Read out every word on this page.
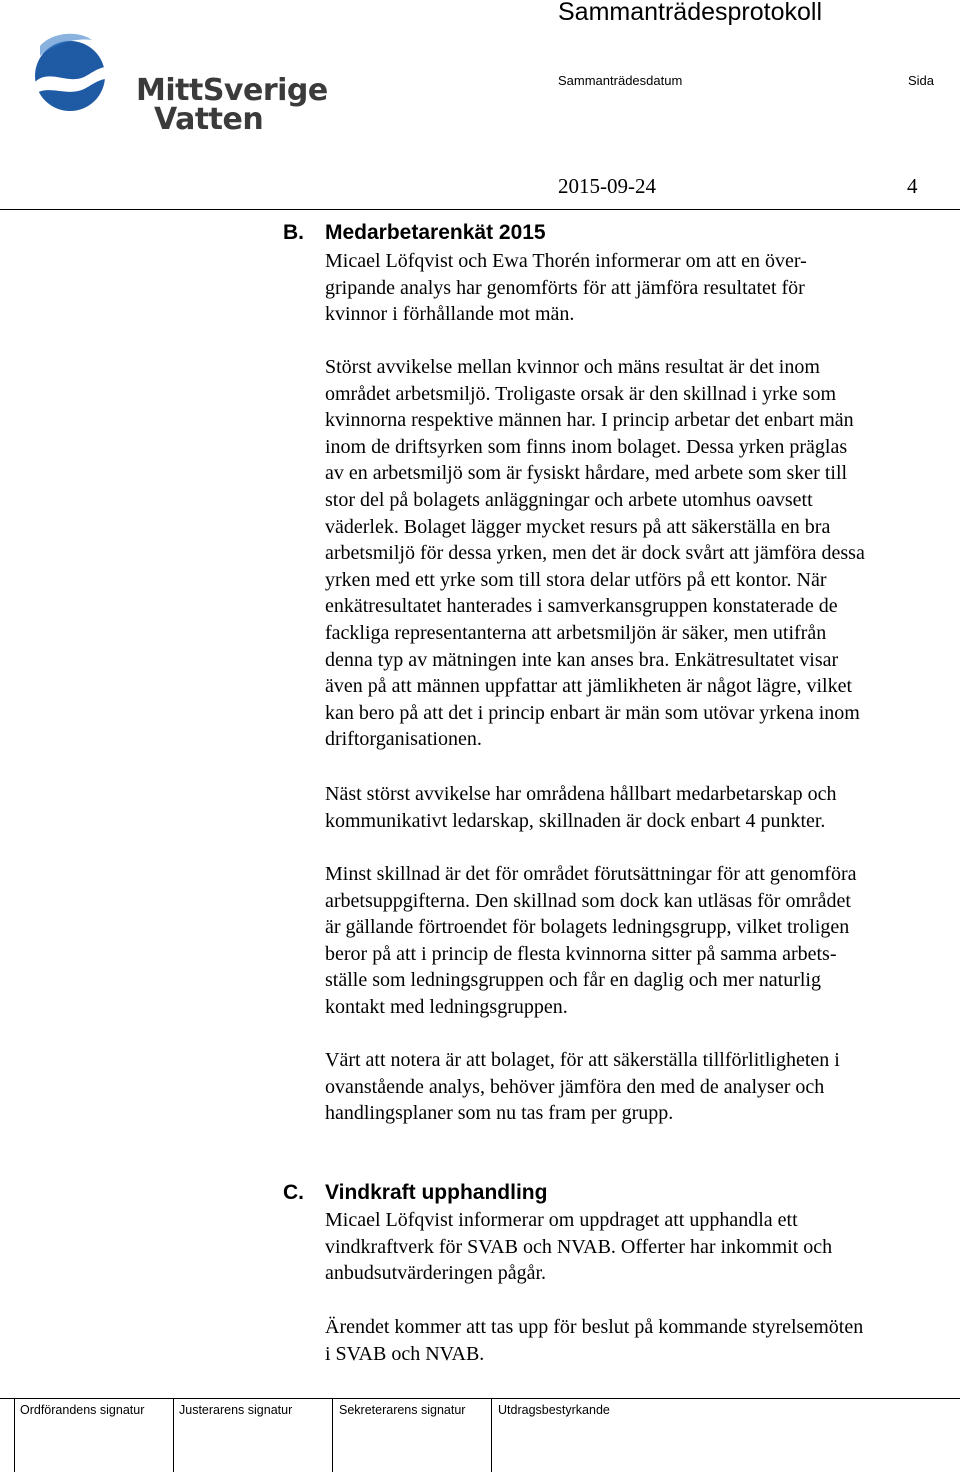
MittSverige
Vatten
Sammanträdesprotokoll
Sammanträdesdatum	Sida
2015-09-24	4
B. Medarbetarenkät 2015

Micael Löfqvist och Ewa Thorén informerar om att en över-
gripande analys har genomförts för att jämföra resultatet för
kvinnor i förhållande mot män.

Störst avvikelse mellan kvinnor och mäns resultat är det inom
området arbetsmiljö. Troligaste orsak är den skillnad i yrke som
kvinnorna respektive männen har. I princip arbetar det enbart män
inom de driftsyrken som finns inom bolaget. Dessa yrken präglas
av en arbetsmiljö som är fysiskt hårdare, med arbete som sker till
stor del på bolagets anläggningar och arbete utomhus oavsett
väderlek. Bolaget lägger mycket resurs på att säkerställa en bra
arbetsmiljö för dessa yrken, men det är dock svårt att jämföra dessa
yrken med ett yrke som till stora delar utförs på ett kontor. När
enkätresultatet hanterades i samverkansgruppen konstaterade de
fackliga representanterna att arbetsmiljön är säker, men utifrån
denna typ av mätningen inte kan anses bra. Enkätresultatet visar
även på att männen uppfattar att jämlikheten är något lägre, vilket
kan bero på att det i princip enbart är män som utövar yrkena inom
driftorganisationen.

Näst störst avvikelse har områdena hållbart medarbetarskap och
kommunikativt ledarskap, skillnaden är dock enbart 4 punkter.

Minst skillnad är det för området förutsättningar för att genomföra
arbetsuppgifterna. Den skillnad som dock kan utläsas för området
är gällande förtroendet för bolagets ledningsgrupp, vilket troligen
beror på att i princip de flesta kvinnorna sitter på samma arbets-
ställe som ledningsgruppen och får en daglig och mer naturlig
kontakt med ledningsgruppen.

Värt att notera är att bolaget, för att säkerställa tillförlitligheten i
ovanstående analys, behöver jämföra den med de analyser och
handlingsplaner som nu tas fram per grupp.

C. Vindkraft upphandling

Micael Löfqvist informerar om uppdraget att upphandla ett
vindkraftverk för SVAB och NVAB. Offerter har inkommit och
anbudsutvärderingen pågår.

Ärendet kommer att tas upp för beslut på kommande styrelsemöten
i SVAB och NVAB.

Ordförandens signatur	Justerarens signatur	Sekreterarens signatur	Utdragsbestyrkande
